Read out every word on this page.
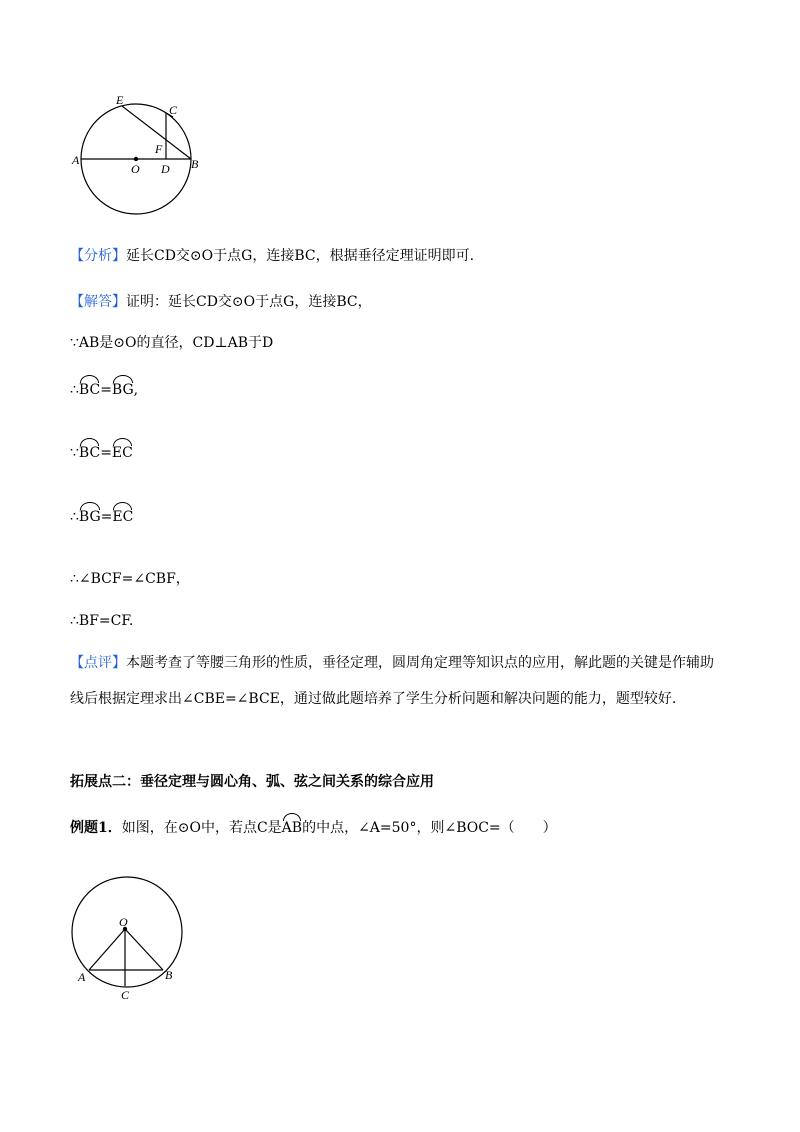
E
C
F
A
O D B
【分析】延长CD交⊙O于点G，连接BC，根据垂径定理证明即可.
【解答】证明：延长CD交⊙O于点G，连接BC，
∵AB是⊙O的直径，CD⊥AB于D
∴BC=BG,
∵BC=EC
∴BG=EC
∴∠BCF=∠CBF，
∴BF=CF.
【点评】本题考查了等腰三角形的性质，垂径定理，圆周角定理等知识点的应用，解此题的关键是作辅助
线后根据定理求出∠CBE=∠BCE，通过做此题培养了学生分析问题和解决问题的能力，题型较好.
拓展点二：垂径定理与圆心角、弧、弦之间关系的综合应用
例题1．如图，在⊙O中，若点C是AB的中点，∠A=50°，则∠BOC=（　　）
O
A	B
C
